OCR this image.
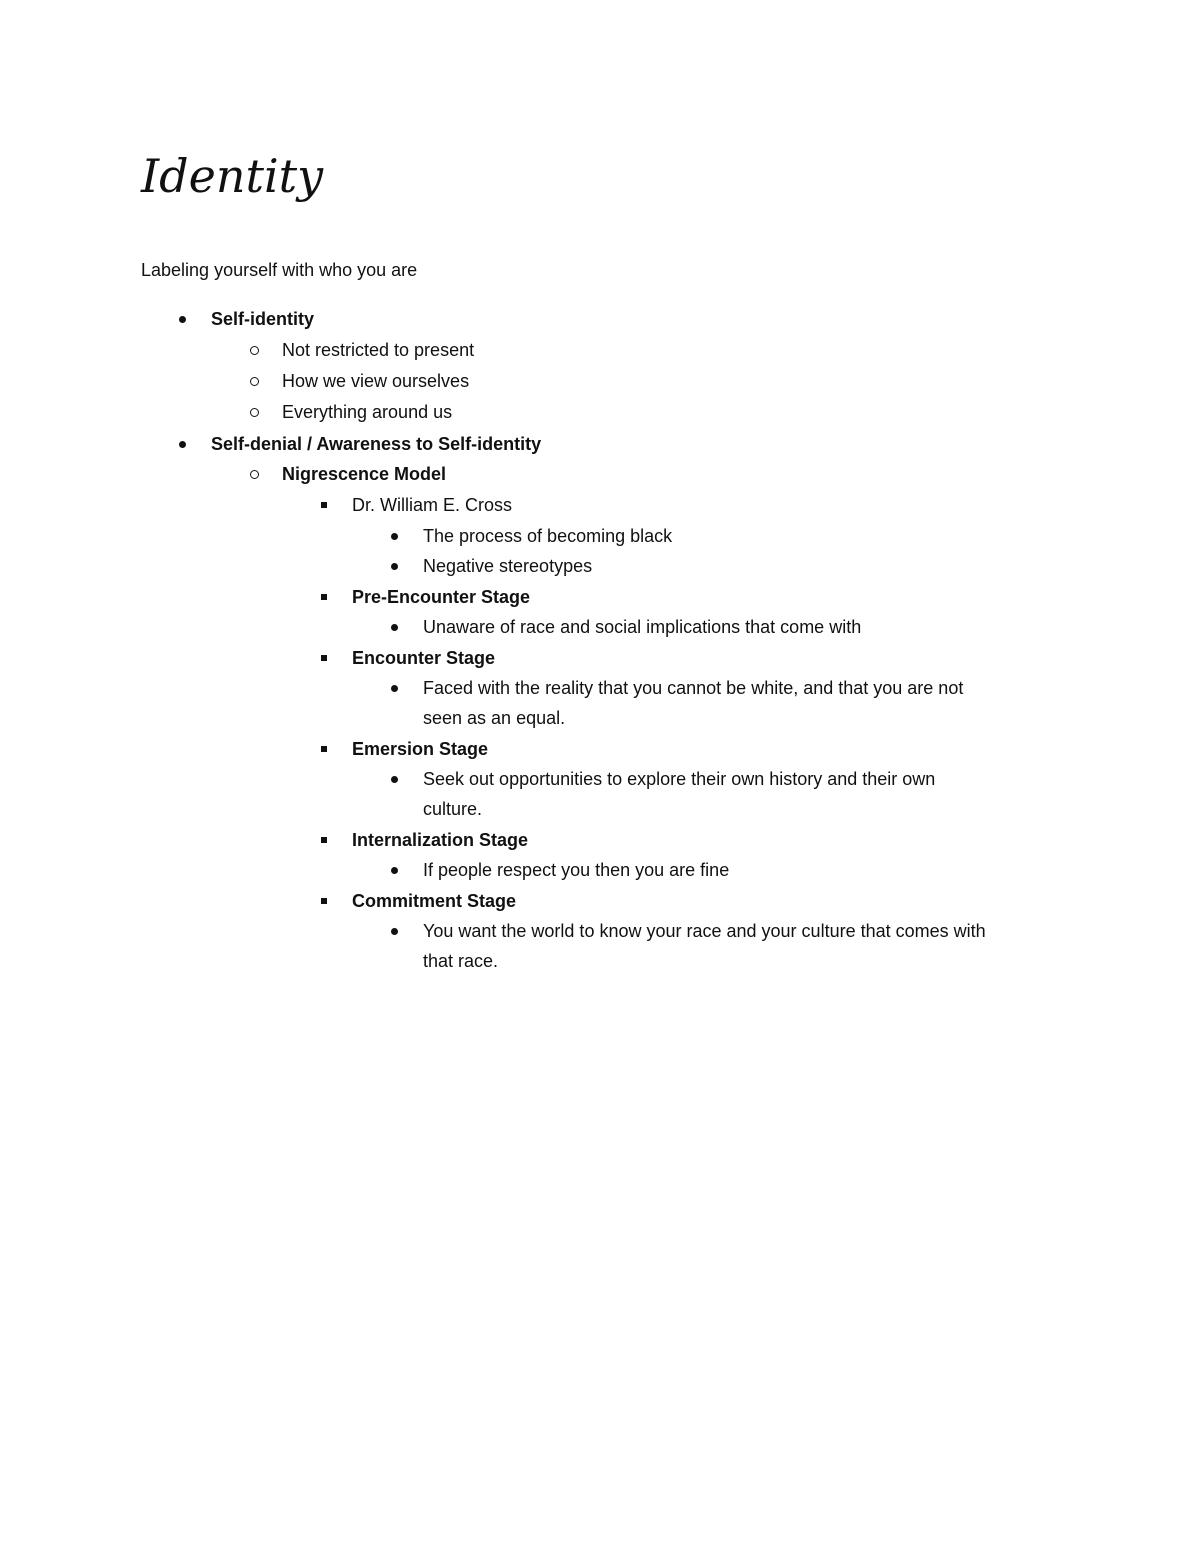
Identity

Labeling yourself with who you are

Self-identity
Not restricted to present
How we view ourselves
Everything around us
Self-denial / Awareness to Self-identity
Nigrescence Model
Dr. William E. Cross
The process of becoming black
Negative stereotypes
Pre-Encounter Stage
Unaware of race and social implications that come with
Encounter Stage
Faced with the reality that you cannot be white, and that you are not
seen as an equal.
Emersion Stage
Seek out opportunities to explore their own history and their own
culture.
Internalization Stage
If people respect you then you are fine
Commitment Stage
You want the world to know your race and your culture that comes with
that race.
